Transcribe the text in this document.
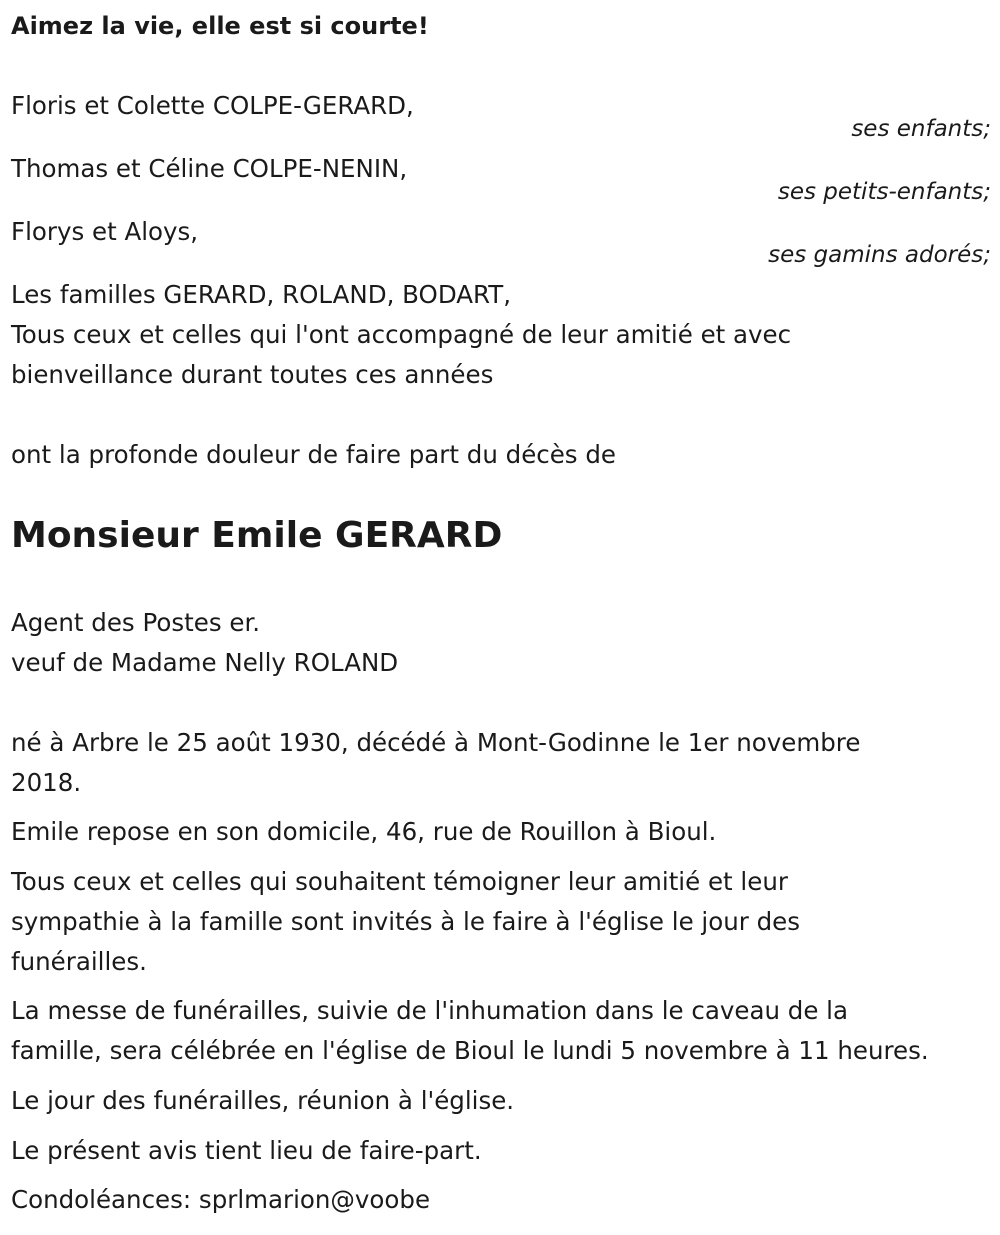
Aimez la vie, elle est si courte!

Floris et Colette COLPE-GERARD,

ses enfants;

Thomas et Céline COLPE-NENIN,

ses petits-enfants;

Florys et Aloys,

ses gamins adorés;

Les familles GERARD, ROLAND, BODART,

Tous ceux et celles qui l'ont accompagné de leur amitié et avec

bienveillance durant toutes ces années

ont la profonde douleur de faire part du décès de

Monsieur Emile GERARD

Agent des Postes er.

veuf de Madame Nelly ROLAND

né à Arbre le 25 août 1930, décédé à Mont-Godinne le 1er novembre

2018.

Emile repose en son domicile, 46, rue de Rouillon à Bioul.

Tous ceux et celles qui souhaitent témoigner leur amitié et leur

sympathie à la famille sont invités à le faire à l'église le jour des

funérailles.

La messe de funérailles, suivie de l'inhumation dans le caveau de la

famille, sera célébrée en l'église de Bioul le lundi 5 novembre à 11 heures.

Le jour des funérailles, réunion à l'église.

Le présent avis tient lieu de faire-part.

Condoléances: sprlmarion@voobe
